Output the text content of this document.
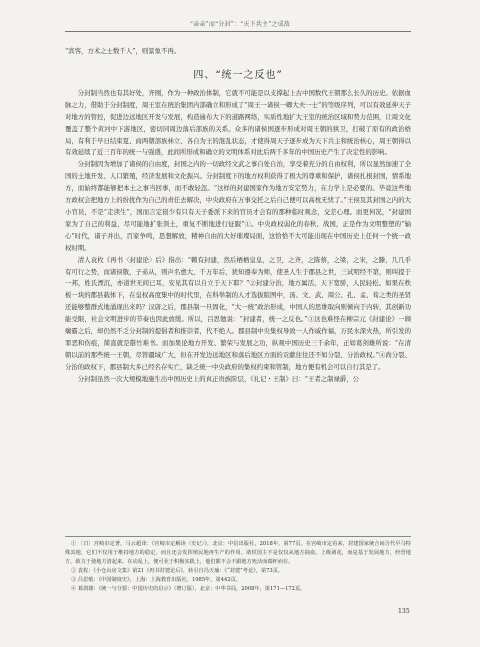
“亲亲”而“分封”：“天下共主”之成敌

“宾客，方术之士数千人”，则景象不再。

四、“统一之反也”

分封制当然也有其好处，齐刚，作为一种政治体制，它就不可能是以支撑起上古中国数代王朝那么长久的历史。依据血脉之力，借助于分封制度，周王室在统治集团内部确立和形成了“周王一诸侯一卿大夫一士”的等级序列，可以有效延伸天子对地方的管控，促进边远地区开发与发展，构造逾布大下的道路网络，实质性地扩大王室的统治区域和势力范围，让周文化覆盖了整个黄河中下游地区，密切同周边落后部族的关系。众多的诸侯国逐步形成对周王朝的拱卫，打破了原有的政治格局，有利于早日结束夏、商两朝部族林立、各自为王的混乱状态，才使得周天子逐步成为天下共主和统治核心，周王朝得以有效延续了近三百年的统一与强盛，此间所形成和确立的文明体系对此后两千多年的中国历史产生了决定性的影响。

分封制因为增加了诸侯的自由度，封国之内的一切政经文武之事自处自治，享受着充分的自由权利，所以显然加速了全国的土地开发、人口繁殖，经济发展和文化振兴。分封制度下的地方权利获得了极大的尊重和保护，诸侯扎根封国，情系地方，而始终都能够把本土之事当回事，而不敢轻忽。“这样的封建国家作为地方安定势力，在力学上是必要的。毕竟这些地方政权会把地方上的纷扰作为自己的责任去解决，中央政府在万事交托之后自己便可以高枕无忧了。”王侯及其封国之内的大小官员，不是“走读生”，国而言定很少有只有天子委派下来的官员才会有的那种临时观念，交差心理。而更何况，“封建国家为了自己的利益，尽可能地扩张领土，重复不断地进行征服”①。中央政权弱化的春秋、战国，正是作为文明整塑的“轴心”时代，诸子并出，百家争鸣，思想解放，精神自由的大好璀璨局面，这恰恰不大可能出现在中国历史上任何一个统一政权时期。

清人袁枚《再书〈封建论〉后》指出：“赖有封建，然后栖栖皇皇，之卫，之齐，之陈蔡，之梁，之宋，之滕，几几乎有可行之势，而诸侯敬，子弟从，则声名愈大，千万年后，犹知遵奉为师，使圣人生于郡县之世，三试明经不第，则叫提于一邦，姓氏湮沉，亦道世无间已耳，安见其有以自立于天下耶？”②封建分治，地方属活，天下宽骄，人民轻松。如果在秩板一块的郡县载体下，在皇权高度集中的时代里，在科举制的人才选拔版图中，汤、文、武、周公、孔、孟、荀之类的圣贤还能够整群式地涌现出来吗？汉唐之后，郡县制一旦固化，“大一统”政治形成，中国人的思维取向则倾向于内转，其创新功能受限，社会文明进步的节奏也因此放缓。所以，吕思勉说：“封建者，统一之反也。”③这也难怪在柳宗元《封建论》一顾瘸霸之后，却仍然不乏分封制的提倡者和推崇者，代不绝人。郡县制中央集权导致一人作威作福，万民水深火热，所引发的罪恶和伤痕，简直就是罄竹难书。而加果论地方开发、繁荣与发展之功，纵观中国历史三千余年，正如葛剑雄所说：“在清朝以前的那些统一王朝，尽管疆域广大，但在开发边远地区和落后地区方面的贡献往往还不如分裂、分治政权。”④尚分裂、分治的政权下，郡县制大多已经名存实亡，缺乏统一中央政府的集权约束和管制，地方便有机会可以自行其是了。

分封制虽然一次大规模地施生出中国历史上的真正贵族阶层，《礼记・王制》曰：“王者之制禄爵，公

① 〔日〕宫崎市定著，马云超译：《宫崎市定解读〈史记〉》，北京：中信出版社，2018年，第77页。在宫崎市定看来，封建国家统合间合代早马特殊其地，它们不仅用于维持地方的稳定，而且还会发挥殖民地再生产的作用。诸侯国主不是仅仅从地方抽血，上级剥花，而是基于发展地方，经营地方，致力于使地方清起来。在动乱上，便可业于积极实践上，他们都不会不跟地方死活而端杯而在。

② 袁枚：《小仓山房文集》第21《再书封建论后》，转引自冯天瑜：《“封建”考论》，第73页。

③ 吕思勉：《中国制度史》，上海：上海教育出版社，1985年，第442页。

④ 葛剑雄：《统一与分裂：中国历史的启示》（增订版），北京：中华书局，2008年，第171—172页。

135
